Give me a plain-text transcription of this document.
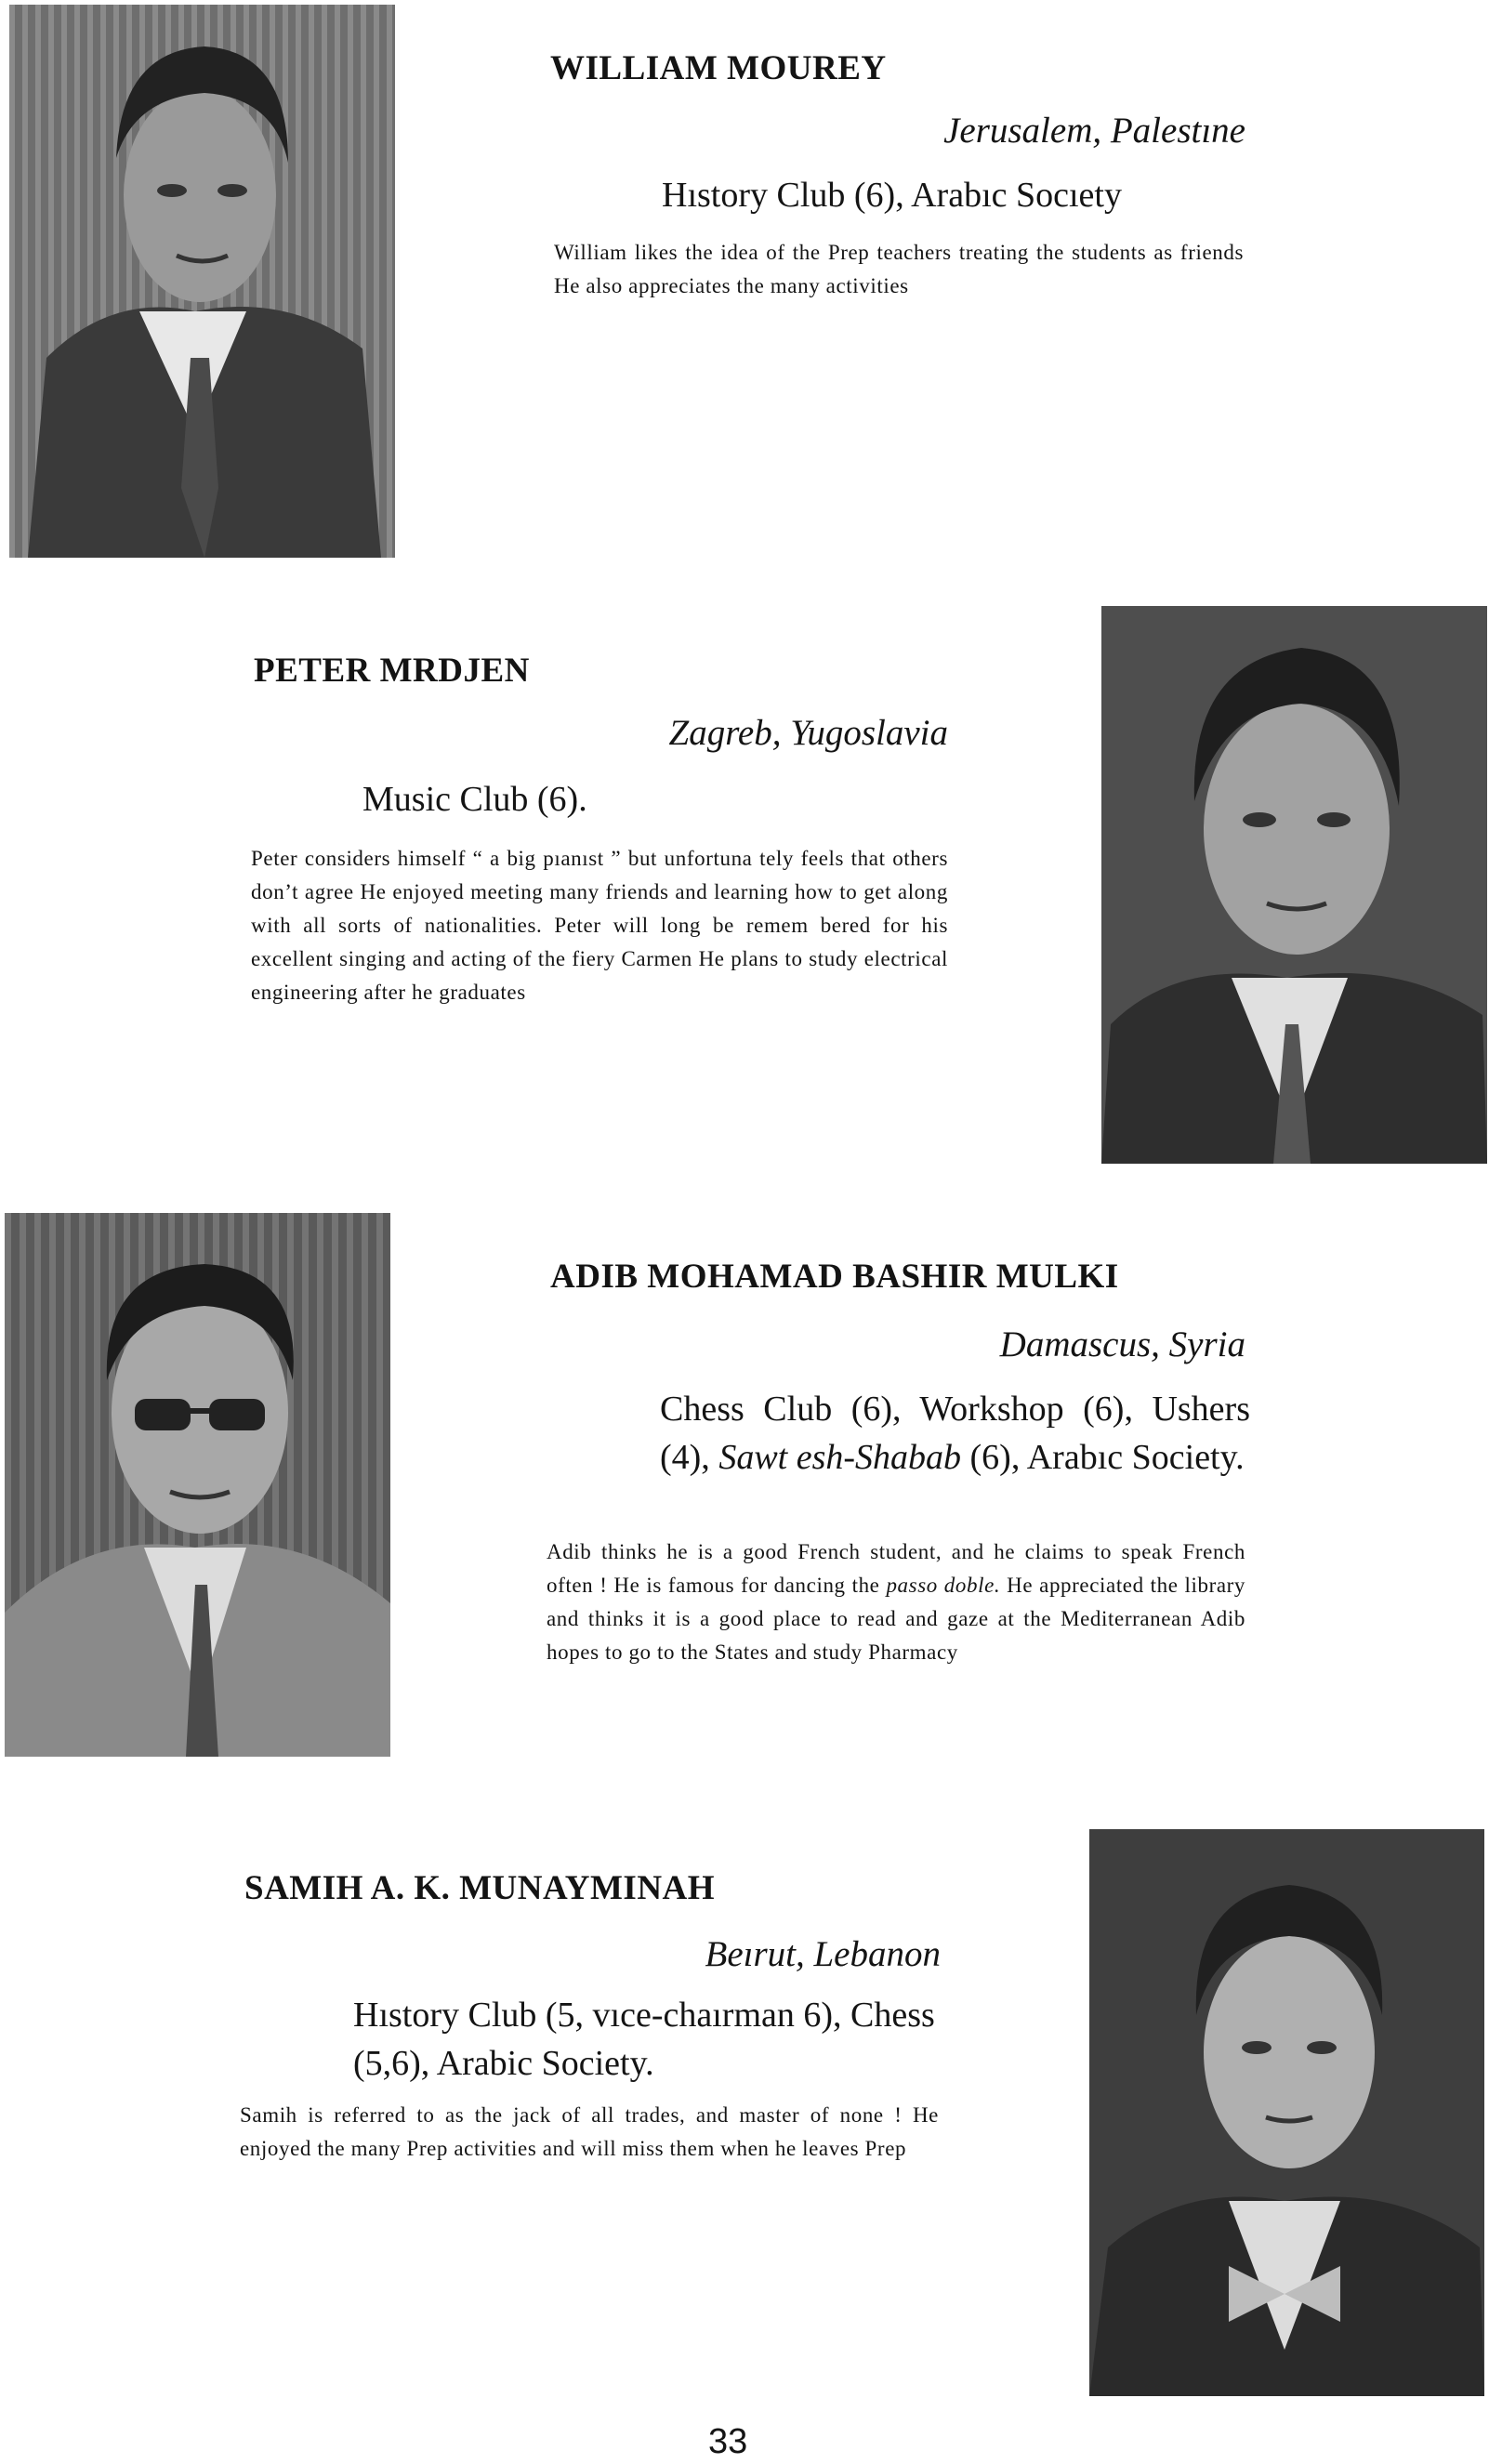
WILLIAM MOUREY
Jerusalem, Palestıne
Hıstory Club (6), Arabıc Socıety
William likes the idea of the Prep teachers treating the students as friends He also appreciates the many activities
PETER MRDJEN
Zagreb, Yugoslavia
Music Club (6).
Peter considers himself “ a big pıanıst ” but unfortuna tely feels that others don’t agree He enjoyed meeting many friends and learning how to get along with all sorts of nationalities. Peter will long be remem bered for his excellent singing and acting of the fiery Carmen He plans to study electrical engineering after he graduates
ADIB MOHAMAD BASHIR MULKI
Damascus, Syria
Chess Club (6), Workshop (6), Ushers (4), Sawt esh-Shabab (6), Arabıc Society.
Adib thinks he is a good French student, and he claims to speak French often ! He is famous for dancing the passo doble. He appreciated the library and thinks it is a good place to read and gaze at the Mediterranean Adib hopes to go to the States and study Pharmacy
SAMIH A. K. MUNAYMINAH
Beırut, Lebanon
Hıstory Club (5, vıce-chaırman 6), Chess (5,6), Arabic Society.
Samih is referred to as the jack of all trades, and master of none ! He enjoyed the many Prep activities and will miss them when he leaves Prep
33
